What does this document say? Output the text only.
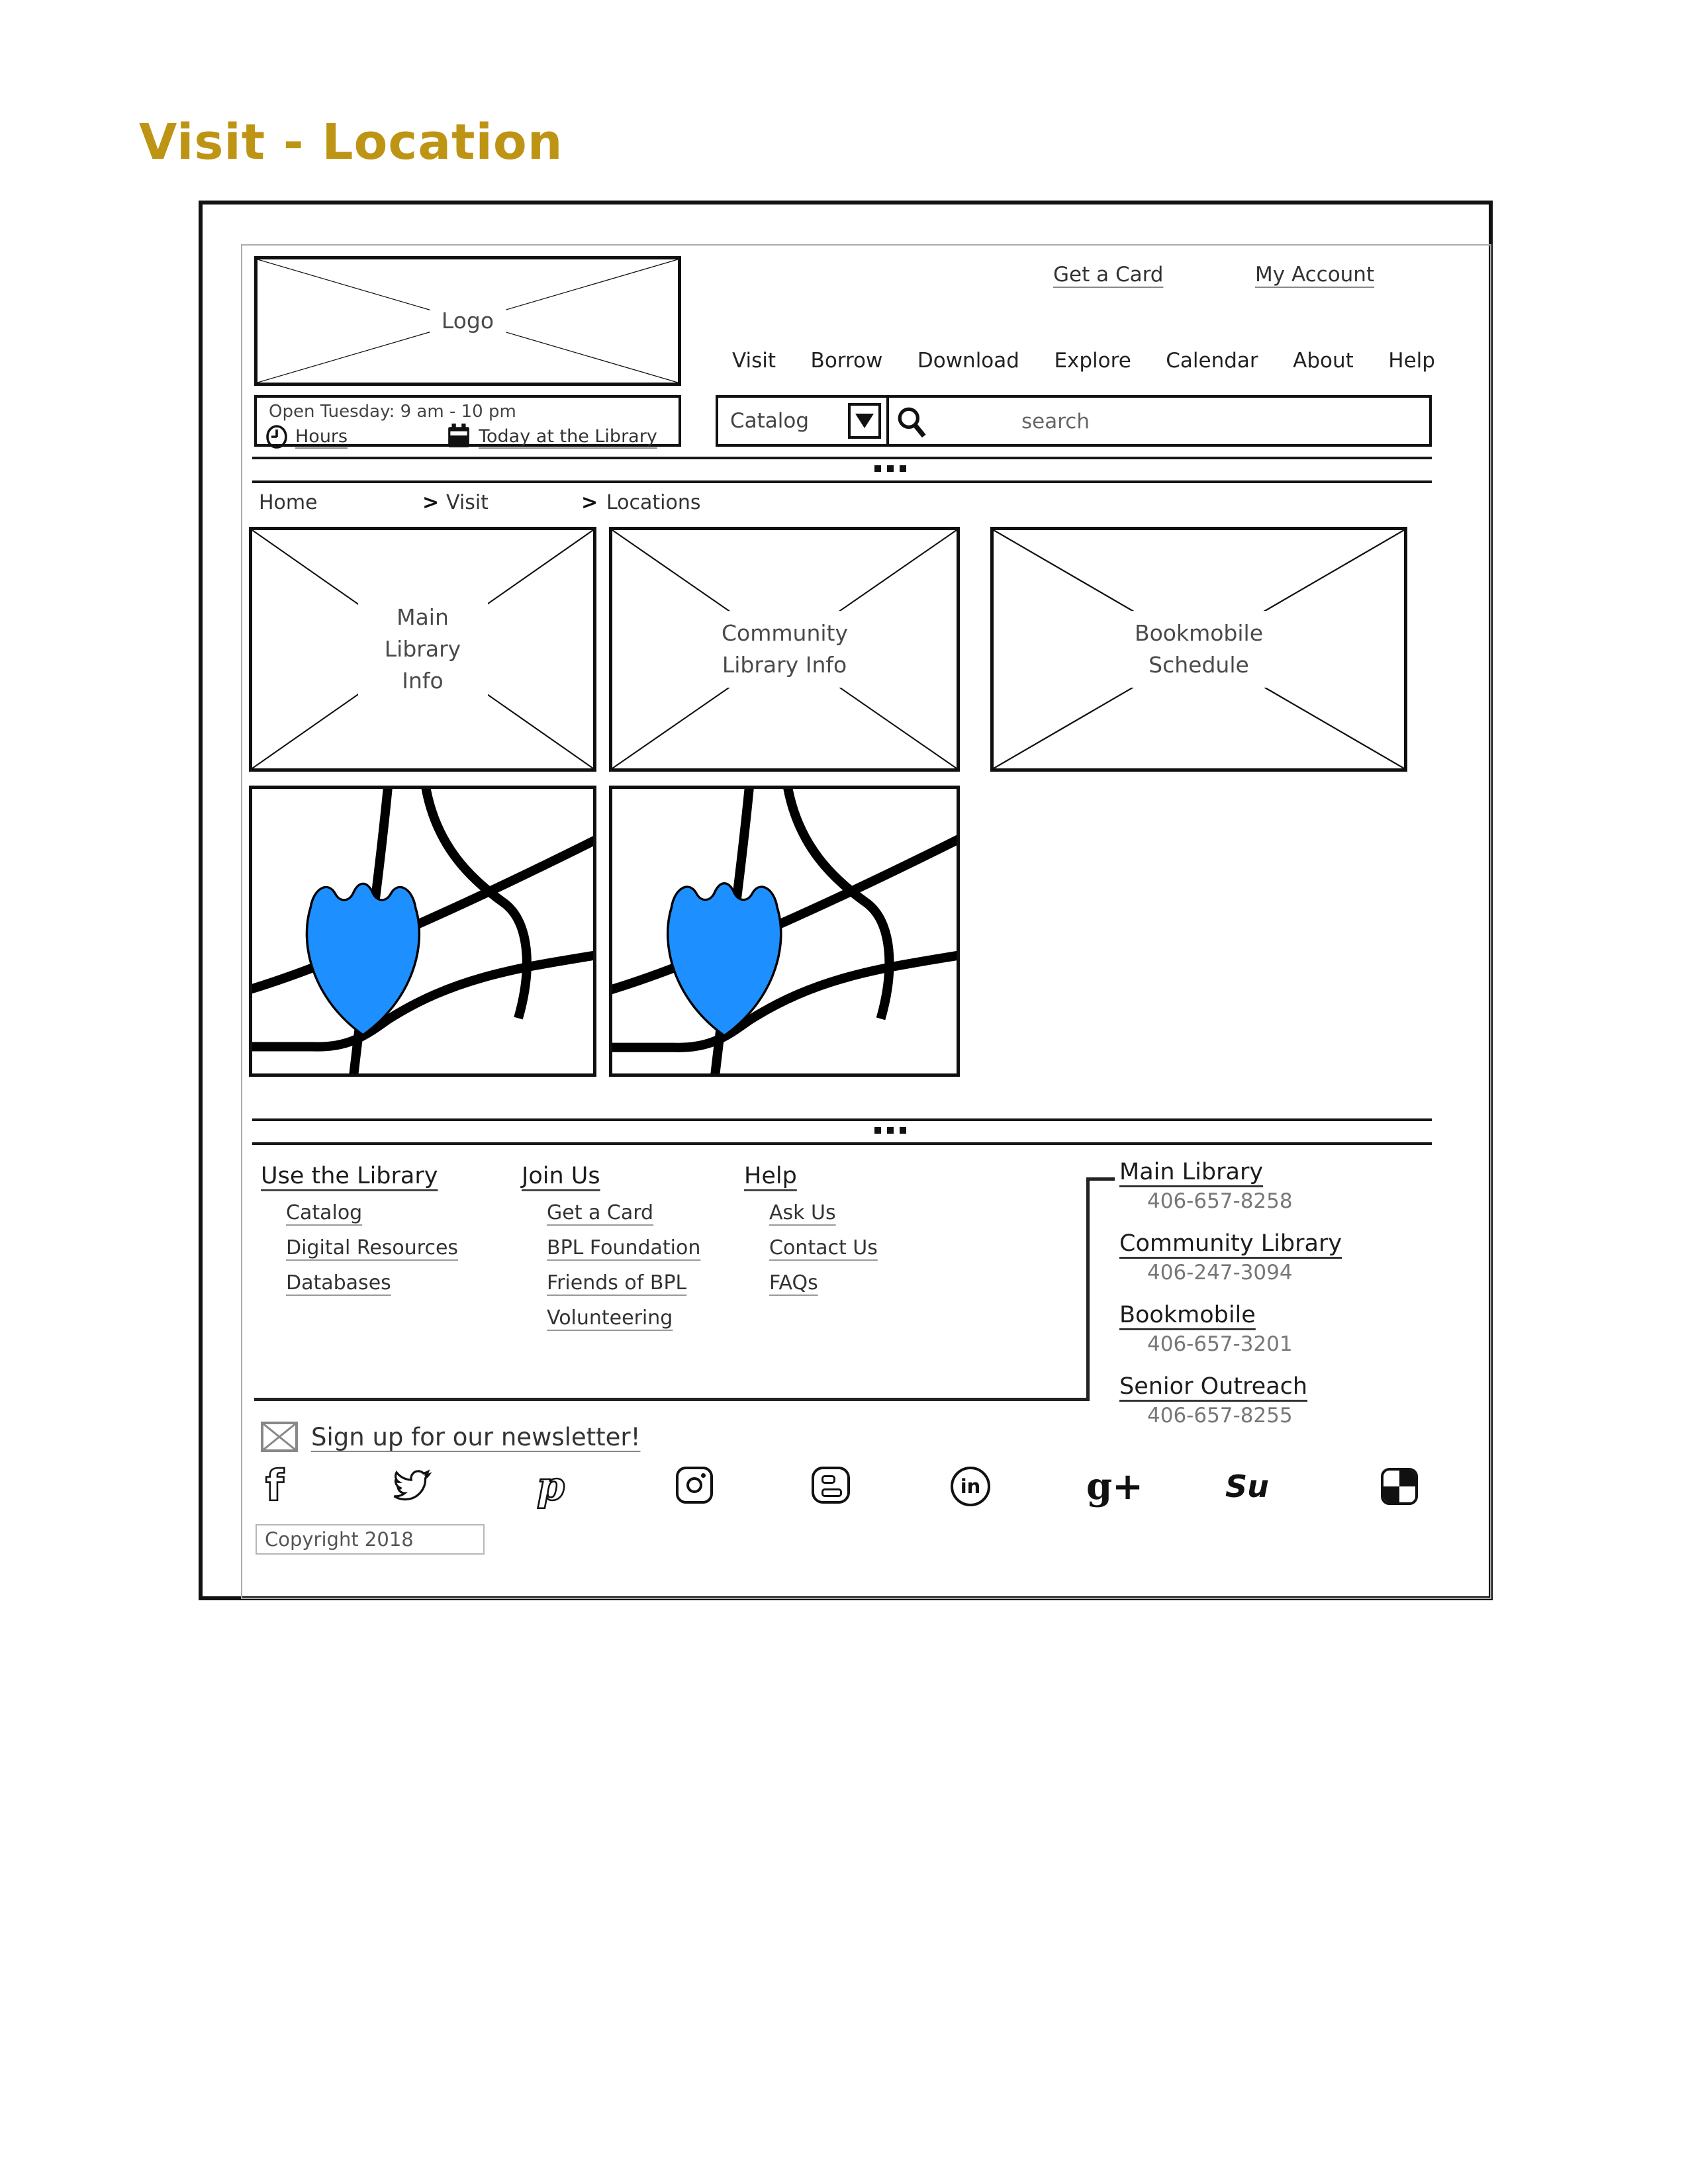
Visit - Location
Logo
Get a Card	My Account
Visit Borrow Download Explore Calendar About Help
Open Tuesday: 9 am - 10 pm
Hours	Today at the Library
Catalog
search
Home	> Visit	> Locations
Main Library Info
Community Library Info
Bookmobile Schedule
Use the Library
Catalog
Digital Resources
Databases
Join Us
Get a Card
BPL Foundation
Friends of BPL
Volunteering
Help
Ask Us
Contact Us
FAQs
Main Library
406-657-8258
Community Library
406-247-3094
Bookmobile
406-657-3201
Senior Outreach
406-657-8255
Sign up for our newsletter!
f	p	in	g+	Su
Copyright 2018
